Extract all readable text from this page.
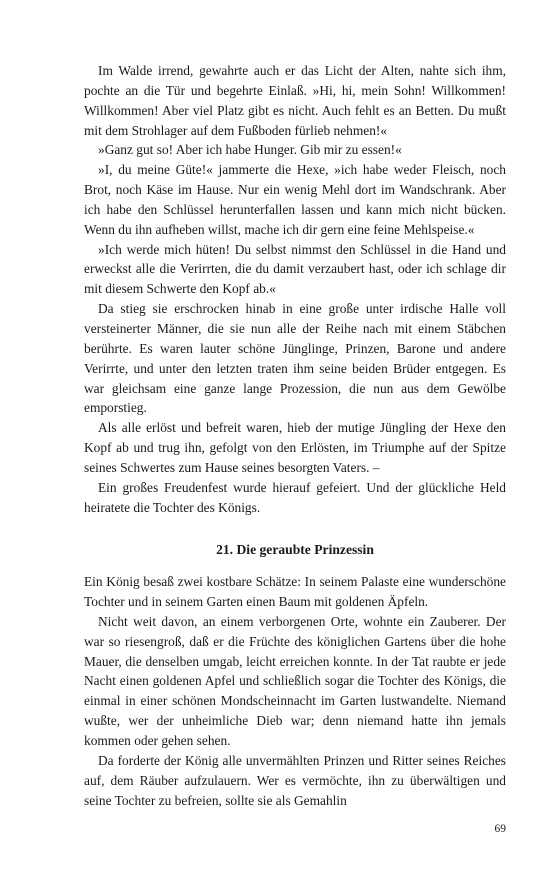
Im Walde irrend, gewahrte auch er das Licht der Alten, nahte sich ihm, pochte an die Tür und begehrte Einlaß. »Hi, hi, mein Sohn! Willkommen! Willkommen! Aber viel Platz gibt es nicht. Auch fehlt es an Betten. Du mußt mit dem Strohlager auf dem Fußboden fürlieb nehmen!«

»Ganz gut so! Aber ich habe Hunger. Gib mir zu essen!«

»I, du meine Güte!« jammerte die Hexe, »ich habe weder Fleisch, noch Brot, noch Käse im Hause. Nur ein wenig Mehl dort im Wandschrank. Aber ich habe den Schlüssel herunterfallen lassen und kann mich nicht bücken. Wenn du ihn aufheben willst, mache ich dir gern eine feine Mehlspeise.«

»Ich werde mich hüten! Du selbst nimmst den Schlüssel in die Hand und erweckst alle die Verirrten, die du damit verzaubert hast, oder ich schlage dir mit diesem Schwerte den Kopf ab.«

Da stieg sie erschrocken hinab in eine große unter irdische Halle voll versteinerter Männer, die sie nun alle der Reihe nach mit einem Stäbchen berührte. Es waren lauter schöne Jünglinge, Prinzen, Barone und andere Verirrte, und unter den letzten traten ihm seine beiden Brüder entgegen. Es war gleichsam eine ganze lange Prozession, die nun aus dem Gewölbe emporstieg.

Als alle erlöst und befreit waren, hieb der mutige Jüngling der Hexe den Kopf ab und trug ihn, gefolgt von den Erlösten, im Triumphe auf der Spitze seines Schwertes zum Hause seines besorgten Vaters. –

Ein großes Freudenfest wurde hierauf gefeiert. Und der glückliche Held heiratete die Tochter des Königs.

21. Die geraubte Prinzessin

Ein König besaß zwei kostbare Schätze: In seinem Palaste eine wunderschöne Tochter und in seinem Garten einen Baum mit goldenen Äpfeln.

Nicht weit davon, an einem verborgenen Orte, wohnte ein Zauberer. Der war so riesengroß, daß er die Früchte des königlichen Gartens über die hohe Mauer, die denselben umgab, leicht erreichen konnte. In der Tat raubte er jede Nacht einen goldenen Apfel und schließlich sogar die Tochter des Königs, die einmal in einer schönen Mondscheinnacht im Garten lustwandelte. Niemand wußte, wer der unheimliche Dieb war; denn niemand hatte ihn jemals kommen oder gehen sehen.

Da forderte der König alle unvermählten Prinzen und Ritter seines Reiches auf, dem Räuber aufzulauern. Wer es vermöchte, ihn zu überwältigen und seine Tochter zu befreien, sollte sie als Gemahlin

69
